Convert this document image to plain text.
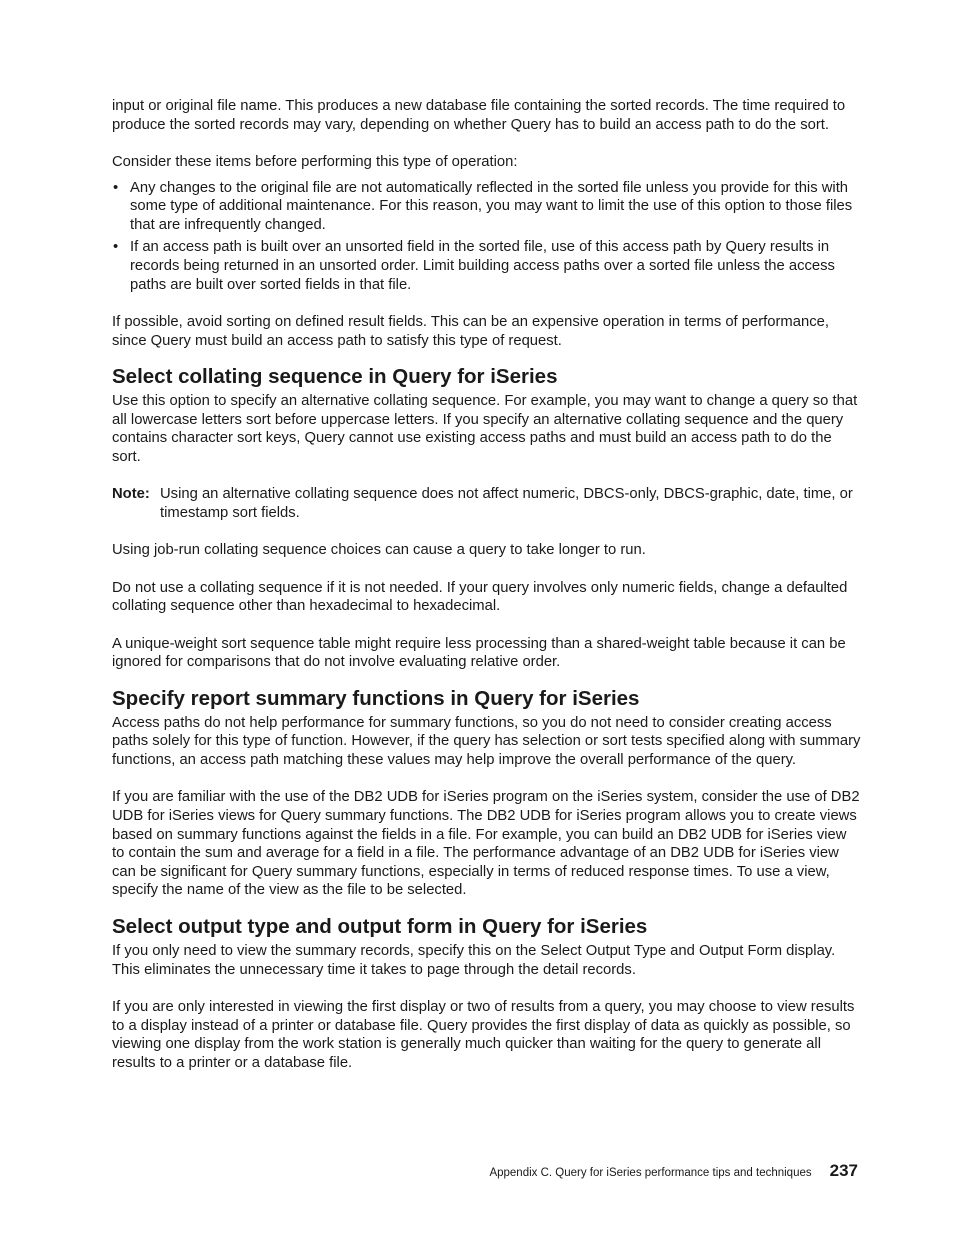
input or original file name. This produces a new database file containing the sorted records. The time required to produce the sorted records may vary, depending on whether Query has to build an access path to do the sort.

Consider these items before performing this type of operation:

• Any changes to the original file are not automatically reflected in the sorted file unless you provide for this with some type of additional maintenance. For this reason, you may want to limit the use of this option to those files that are infrequently changed.
• If an access path is built over an unsorted field in the sorted file, use of this access path by Query results in records being returned in an unsorted order. Limit building access paths over a sorted file unless the access paths are built over sorted fields in that file.

If possible, avoid sorting on defined result fields. This can be an expensive operation in terms of performance, since Query must build an access path to satisfy this type of request.

Select collating sequence in Query for iSeries

Use this option to specify an alternative collating sequence. For example, you may want to change a query so that all lowercase letters sort before uppercase letters. If you specify an alternative collating sequence and the query contains character sort keys, Query cannot use existing access paths and must build an access path to do the sort.

Note: Using an alternative collating sequence does not affect numeric, DBCS-only, DBCS-graphic, date, time, or timestamp sort fields.

Using job-run collating sequence choices can cause a query to take longer to run.

Do not use a collating sequence if it is not needed. If your query involves only numeric fields, change a defaulted collating sequence other than hexadecimal to hexadecimal.

A unique-weight sort sequence table might require less processing than a shared-weight table because it can be ignored for comparisons that do not involve evaluating relative order.

Specify report summary functions in Query for iSeries

Access paths do not help performance for summary functions, so you do not need to consider creating access paths solely for this type of function. However, if the query has selection or sort tests specified along with summary functions, an access path matching these values may help improve the overall performance of the query.

If you are familiar with the use of the DB2 UDB for iSeries program on the iSeries system, consider the use of DB2 UDB for iSeries views for Query summary functions. The DB2 UDB for iSeries program allows you to create views based on summary functions against the fields in a file. For example, you can build an DB2 UDB for iSeries view to contain the sum and average for a field in a file. The performance advantage of an DB2 UDB for iSeries view can be significant for Query summary functions, especially in terms of reduced response times. To use a view, specify the name of the view as the file to be selected.

Select output type and output form in Query for iSeries

If you only need to view the summary records, specify this on the Select Output Type and Output Form display. This eliminates the unnecessary time it takes to page through the detail records.

If you are only interested in viewing the first display or two of results from a query, you may choose to view results to a display instead of a printer or database file. Query provides the first display of data as quickly as possible, so viewing one display from the work station is generally much quicker than waiting for the query to generate all results to a printer or a database file.

Appendix C. Query for iSeries performance tips and techniques 237
